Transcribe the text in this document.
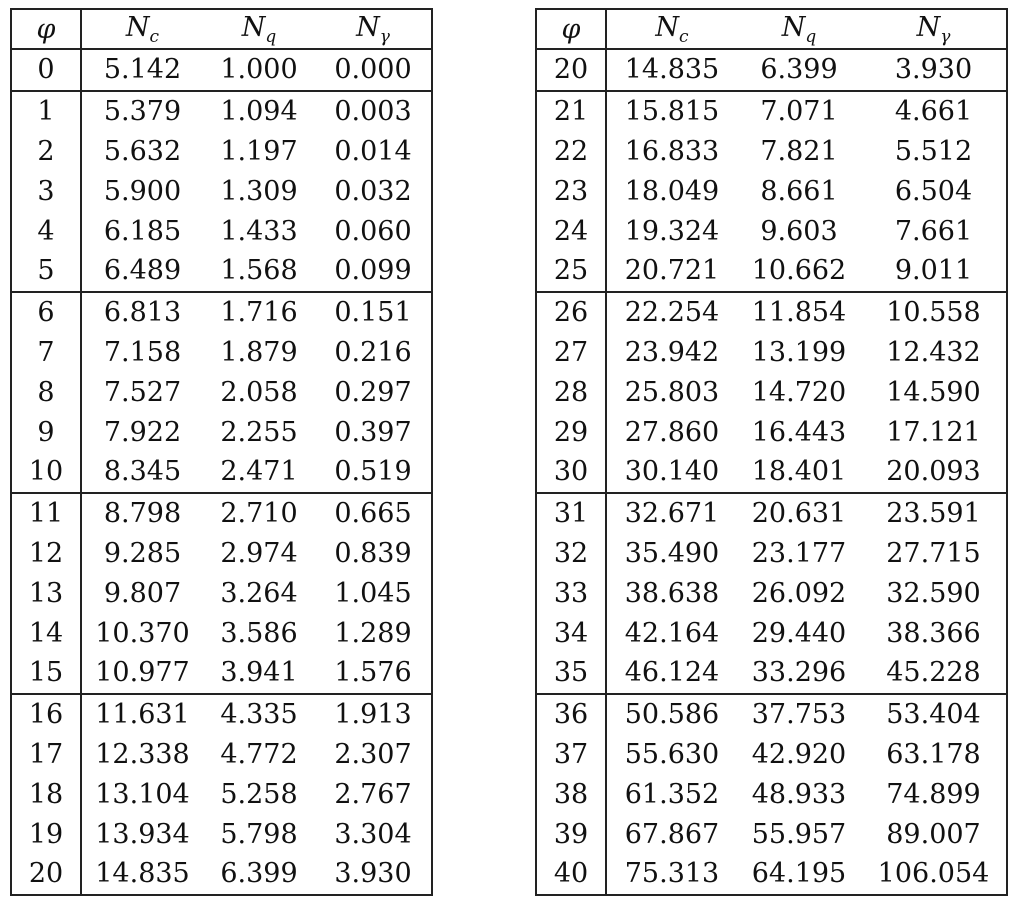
φ	$N_c$	$N_q$	$N_\gamma$
0	5.142	1.000	0.000
1	5.379	1.094	0.003
2	5.632	1.197	0.014
3	5.900	1.309	0.032
4	6.185	1.433	0.060
5	6.489	1.568	0.099
6	6.813	1.716	0.151
7	7.158	1.879	0.216
8	7.527	2.058	0.297
9	7.922	2.255	0.397
10	8.345	2.471	0.519
11	8.798	2.710	0.665
12	9.285	2.974	0.839
13	9.807	3.264	1.045
14	10.370	3.586	1.289
15	10.977	3.941	1.576
16	11.631	4.335	1.913
17	12.338	4.772	2.307
18	13.104	5.258	2.767
19	13.934	5.798	3.304
20	14.835	6.399	3.930
φ	$N_c$	$N_q$	$N_\gamma$
20	14.835	6.399	3.930
21	15.815	7.071	4.661
22	16.833	7.821	5.512
23	18.049	8.661	6.504
24	19.324	9.603	7.661
25	20.721	10.662	9.011
26	22.254	11.854	10.558
27	23.942	13.199	12.432
28	25.803	14.720	14.590
29	27.860	16.443	17.121
30	30.140	18.401	20.093
31	32.671	20.631	23.591
32	35.490	23.177	27.715
33	38.638	26.092	32.590
34	42.164	29.440	38.366
35	46.124	33.296	45.228
36	50.586	37.753	53.404
37	55.630	42.920	63.178
38	61.352	48.933	74.899
39	67.867	55.957	89.007
40	75.313	64.195	106.054
